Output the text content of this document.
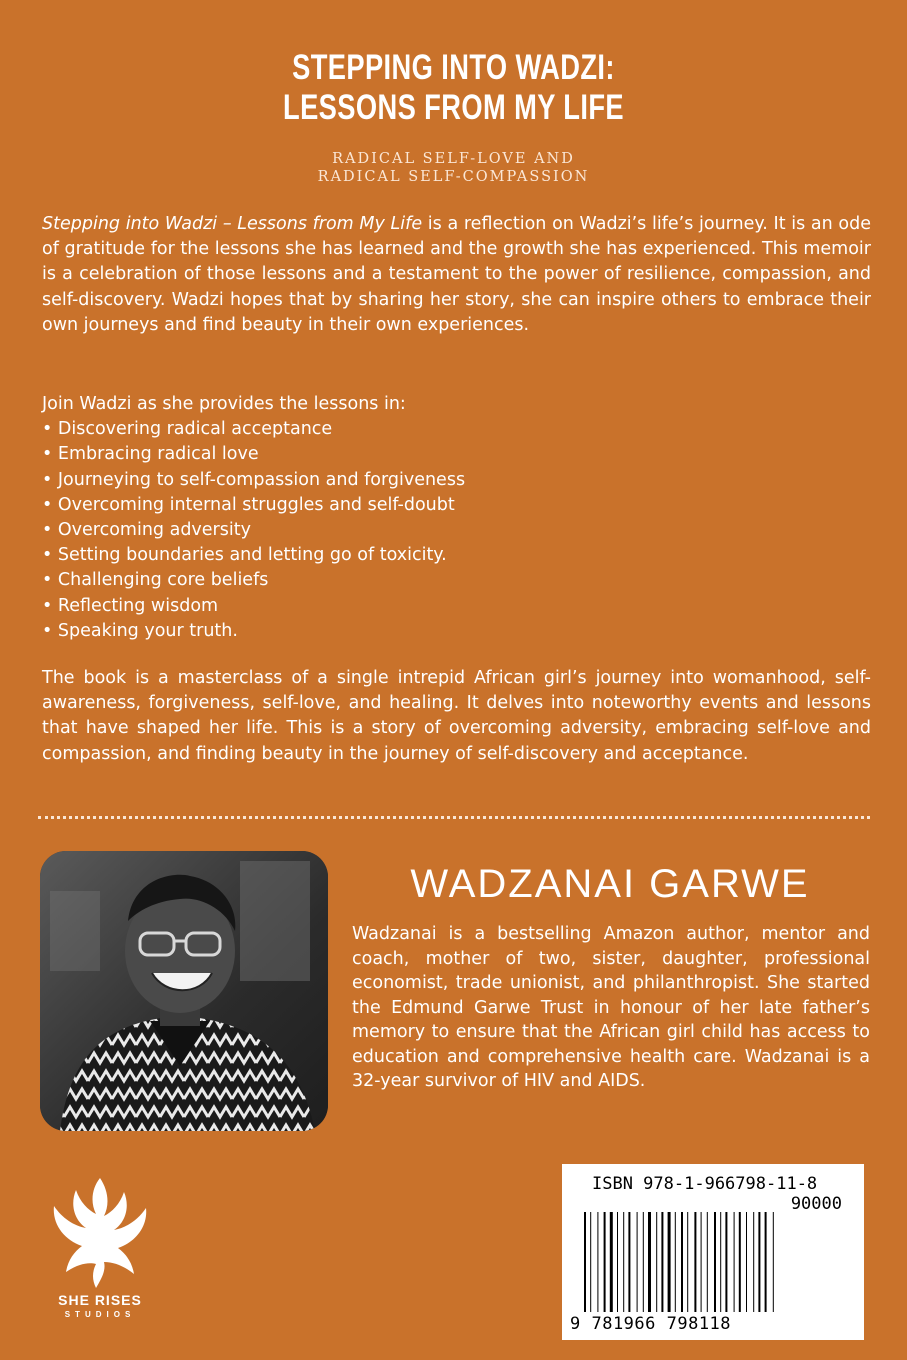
STEPPING INTO WADZI:
LESSONS FROM MY LIFE
RADICAL SELF-LOVE AND
RADICAL SELF-COMPASSION
Stepping into Wadzi – Lessons from My Life is a reflection on Wadzi’s life’s journey. It is an ode of gratitude for the lessons she has learned and the growth she has experienced. This memoir is a celebration of those lessons and a testament to the power of resilience, compassion, and self-discovery. Wadzi hopes that by sharing her story, she can inspire others to embrace their own journeys and find beauty in their own experiences.
Join Wadzi as she provides the lessons in:
• Discovering radical acceptance
• Embracing radical love
• Journeying to self-compassion and forgiveness
• Overcoming internal struggles and self-doubt
• Overcoming adversity
• Setting boundaries and letting go of toxicity.
• Challenging core beliefs
• Reflecting wisdom
• Speaking your truth.
The book is a masterclass of a single intrepid African girl’s journey into womanhood, self-awareness, forgiveness, self-love, and healing. It delves into noteworthy events and lessons that have shaped her life. This is a story of overcoming adversity, embracing self-love and compassion, and finding beauty in the journey of self-discovery and acceptance.
WADZANAI GARWE
Wadzanai is a bestselling Amazon author, mentor and coach, mother of two, sister, daughter, professional economist, trade unionist, and philanthropist. She started the Edmund Garwe Trust in honour of her late father’s memory to ensure that the African girl child has access to education and comprehensive health care. Wadzanai is a 32-year survivor of HIV and AIDS.
SHE RISES
STUDIOS
ISBN 978-1-966798-11-8
90000
9 781966 798118
